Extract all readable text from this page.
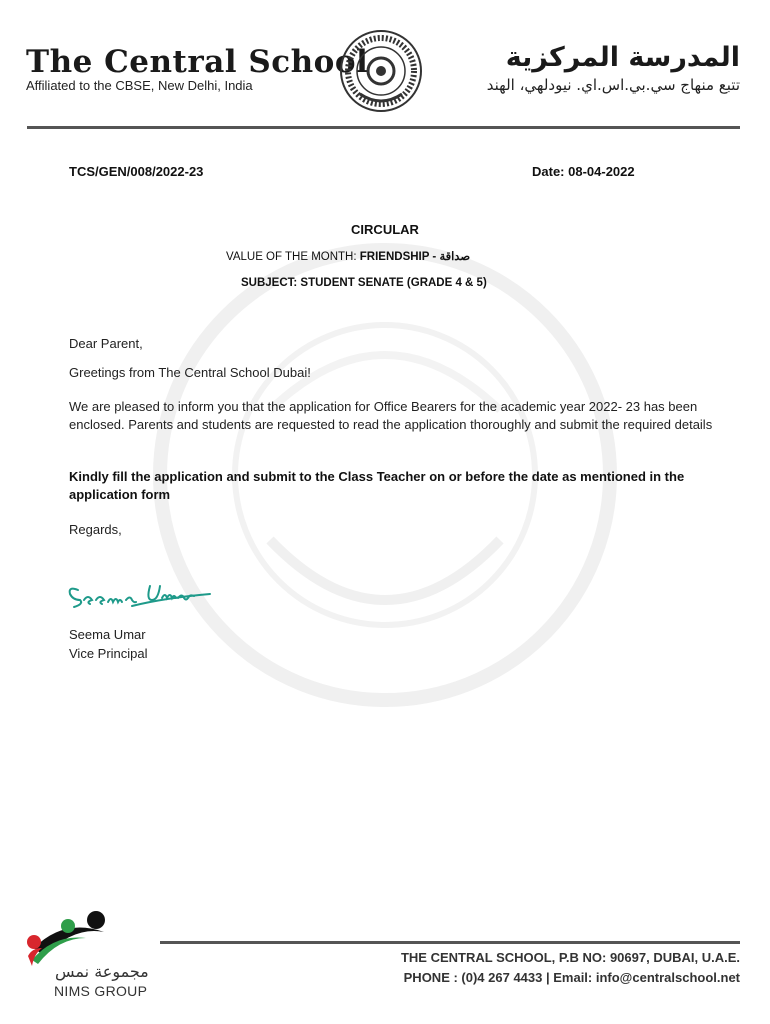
The Central School
Affiliated to the CBSE, New Delhi, India
المدرسة المركزية
تتبع منهاج سي.بي.اس.اي. نيودلهي، الهند
TCS/GEN/008/2022-23	Date: 08-04-2022
CIRCULAR
VALUE OF THE MONTH: FRIENDSHIP - صداقة
SUBJECT: STUDENT SENATE (GRADE 4 & 5)
Dear Parent,
Greetings from The Central School Dubai!
We are pleased to inform you that the application for Office Bearers for the academic year 2022- 23 has been enclosed. Parents and students are requested to read the application thoroughly and submit the required details
Kindly fill the application and submit to the Class Teacher on or before the date as mentioned in the application form
Regards,
Seema Umar
Vice Principal
مجموعة نمس
NIMS GROUP
THE CENTRAL SCHOOL, P.B NO: 90697, DUBAI, U.A.E.
PHONE : (0)4 267 4433 | Email: info@centralschool.net
